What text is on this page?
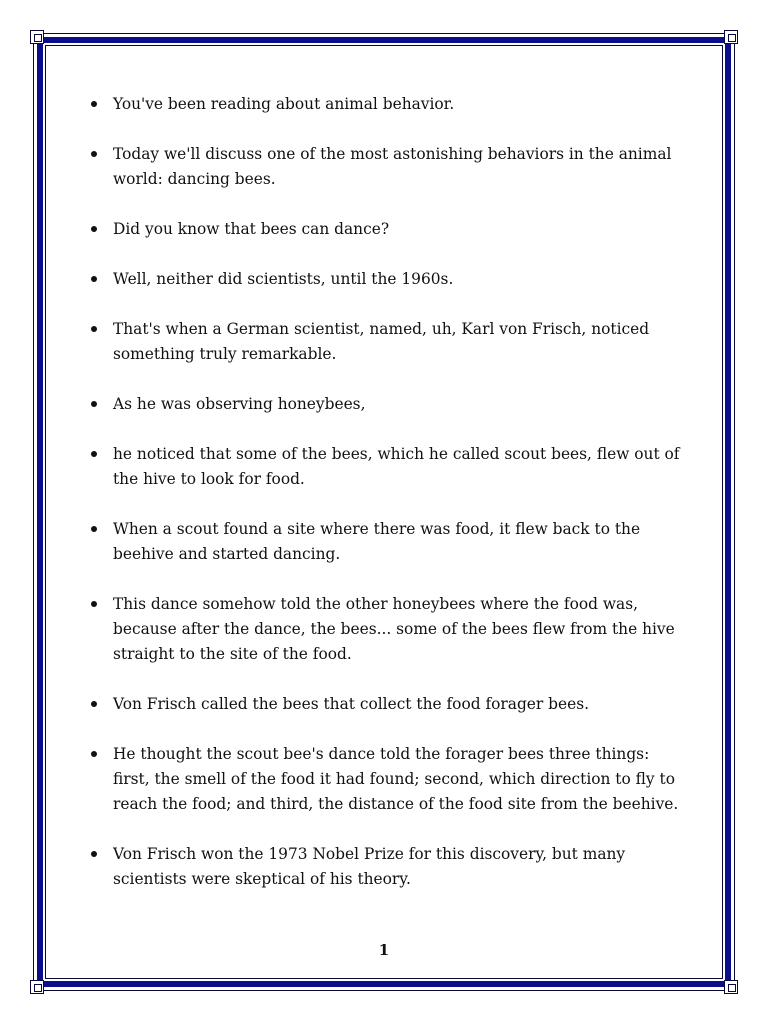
You've been reading about animal behavior.
Today we'll discuss one of the most astonishing behaviors in the animal world: dancing bees.
Did you know that bees can dance?
Well, neither did scientists, until the 1960s.
That's when a German scientist, named, uh, Karl von Frisch, noticed something truly remarkable.
As he was observing honeybees,
he noticed that some of the bees, which he called scout bees, flew out of the hive to look for food.
When a scout found a site where there was food, it flew back to the beehive and started dancing.
This dance somehow told the other honeybees where the food was, because after the dance, the bees... some of the bees flew from the hive straight to the site of the food.
Von Frisch called the bees that collect the food forager bees.
He thought the scout bee's dance told the forager bees three things: first, the smell of the food it had found; second, which direction to fly to reach the food; and third, the distance of the food site from the beehive.
Von Frisch won the 1973 Nobel Prize for this discovery, but many scientists were skeptical of his theory.
1
